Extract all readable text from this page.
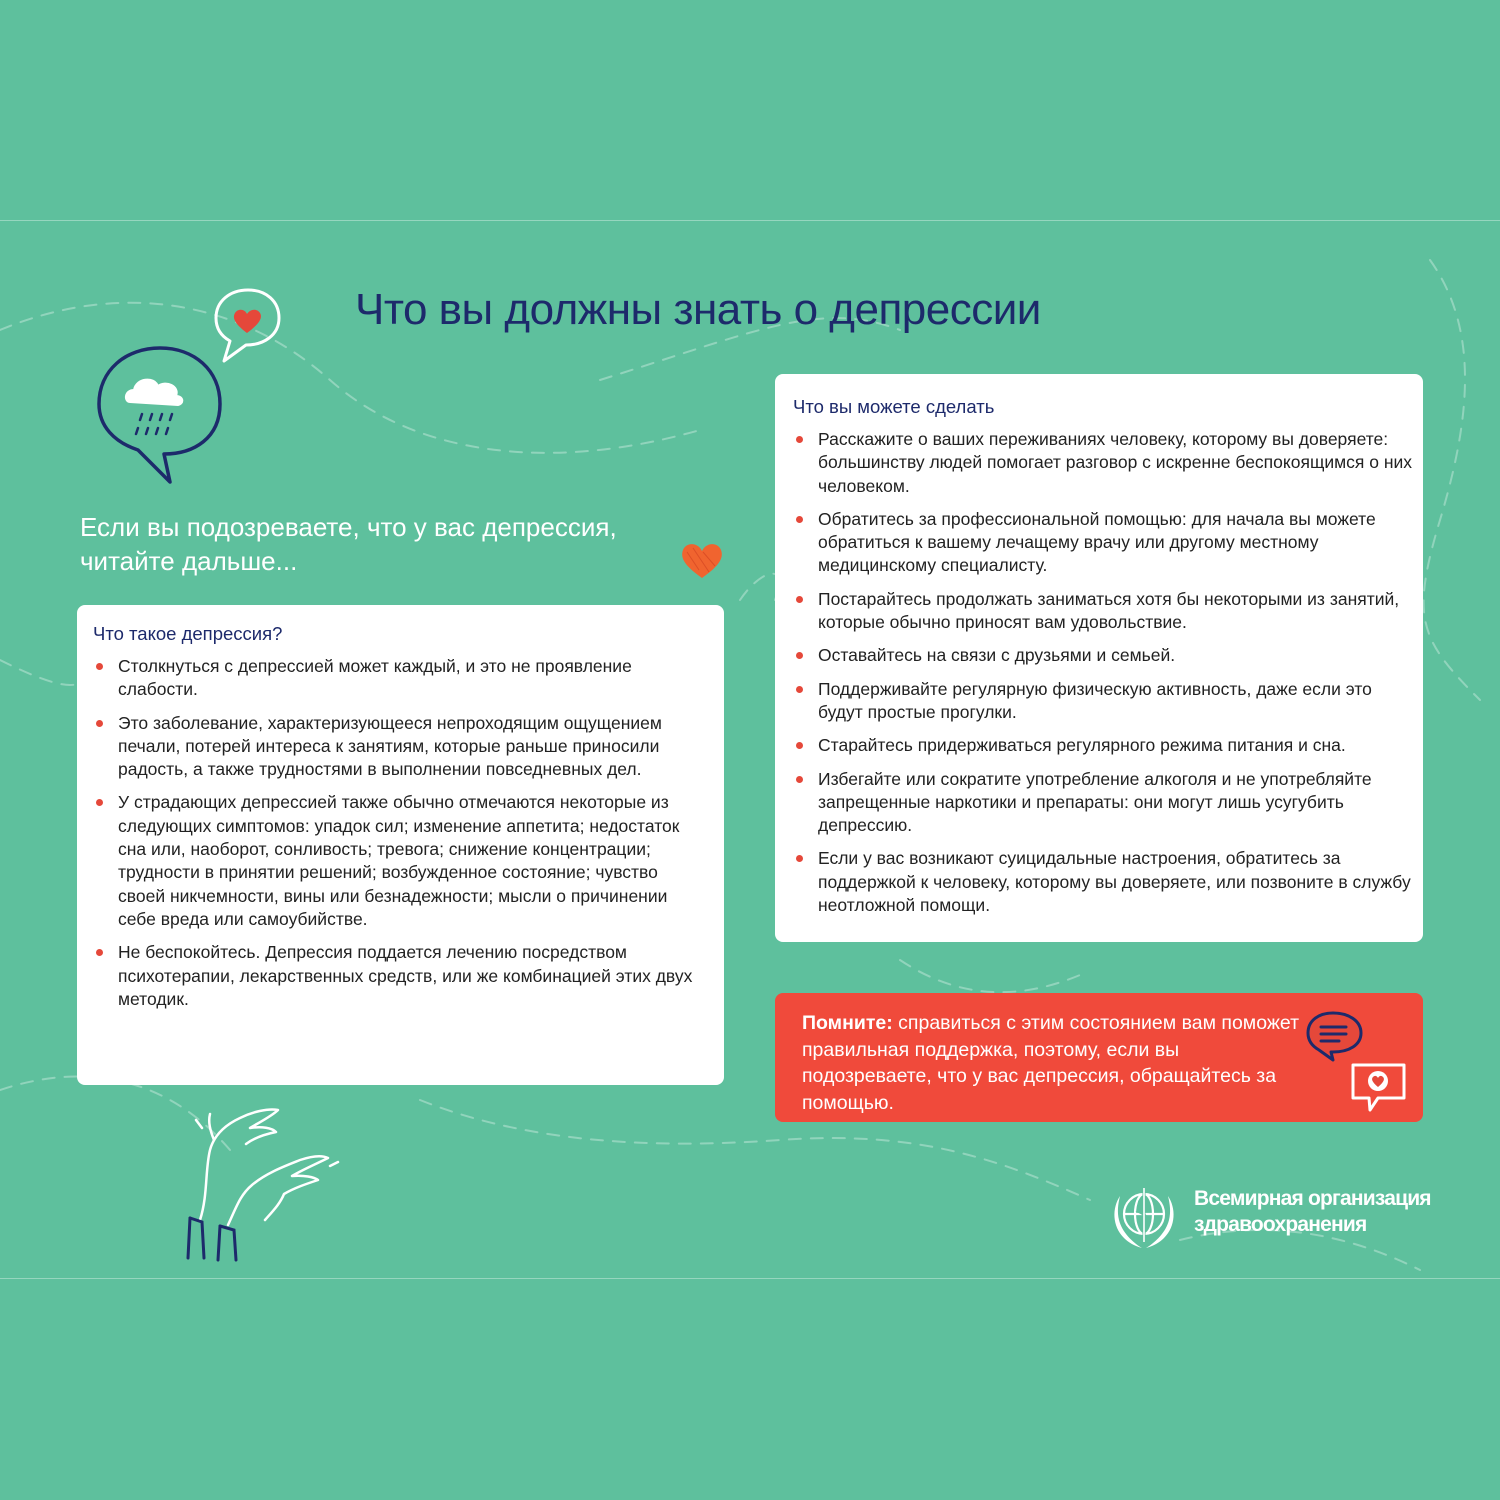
Что вы должны знать о депрессии
Если вы подозреваете, что у вас депрессия, читайте дальше...
Что такое депрессия?
Столкнуться с депрессией может каждый, и это не проявление слабости.
Это заболевание, характеризующееся непроходящим ощущением печали, потерей интереса к занятиям, которые раньше приносили радость, а также трудностями в выполнении повседневных дел.
У страдающих депрессией также обычно отмечаются некоторые из следующих симптомов: упадок сил; изменение аппетита; недостаток сна или, наоборот, сонливость; тревога; снижение концентрации; трудности в принятии решений; возбужденное состояние; чувство своей никчемности, вины или безнадежности; мысли о причинении себе вреда или самоубийстве.
Не беспокойтесь. Депрессия поддается лечению посредством психотерапии, лекарственных средств, или же комбинацией этих двух методик.
Что вы можете сделать
Расскажите о ваших переживаниях человеку, которому вы доверяете: большинству людей помогает разговор с искренне беспокоящимся о них человеком.
Обратитесь за профессиональной помощью: для начала вы можете обратиться к вашему лечащему врачу или другому местному медицинскому специалисту.
Постарайтесь продолжать заниматься хотя бы некоторыми из занятий, которые обычно приносят вам удовольствие.
Оставайтесь на связи с друзьями и семьей.
Поддерживайте регулярную физическую активность, даже если это будут простые прогулки.
Старайтесь придерживаться регулярного режима питания и сна.
Избегайте или сократите употребление алкоголя и не употребляйте запрещенные наркотики и препараты: они могут лишь усугубить депрессию.
Если у вас возникают суицидальные настроения, обратитесь за поддержкой к человеку, которому вы доверяете, или позвоните в службу неотложной помощи.
Помните: справиться с этим состоянием вам поможет правильная поддержка, поэтому, если вы подозреваете, что у вас депрессия, обращайтесь за помощью.
Всемирная организация здравоохранения
